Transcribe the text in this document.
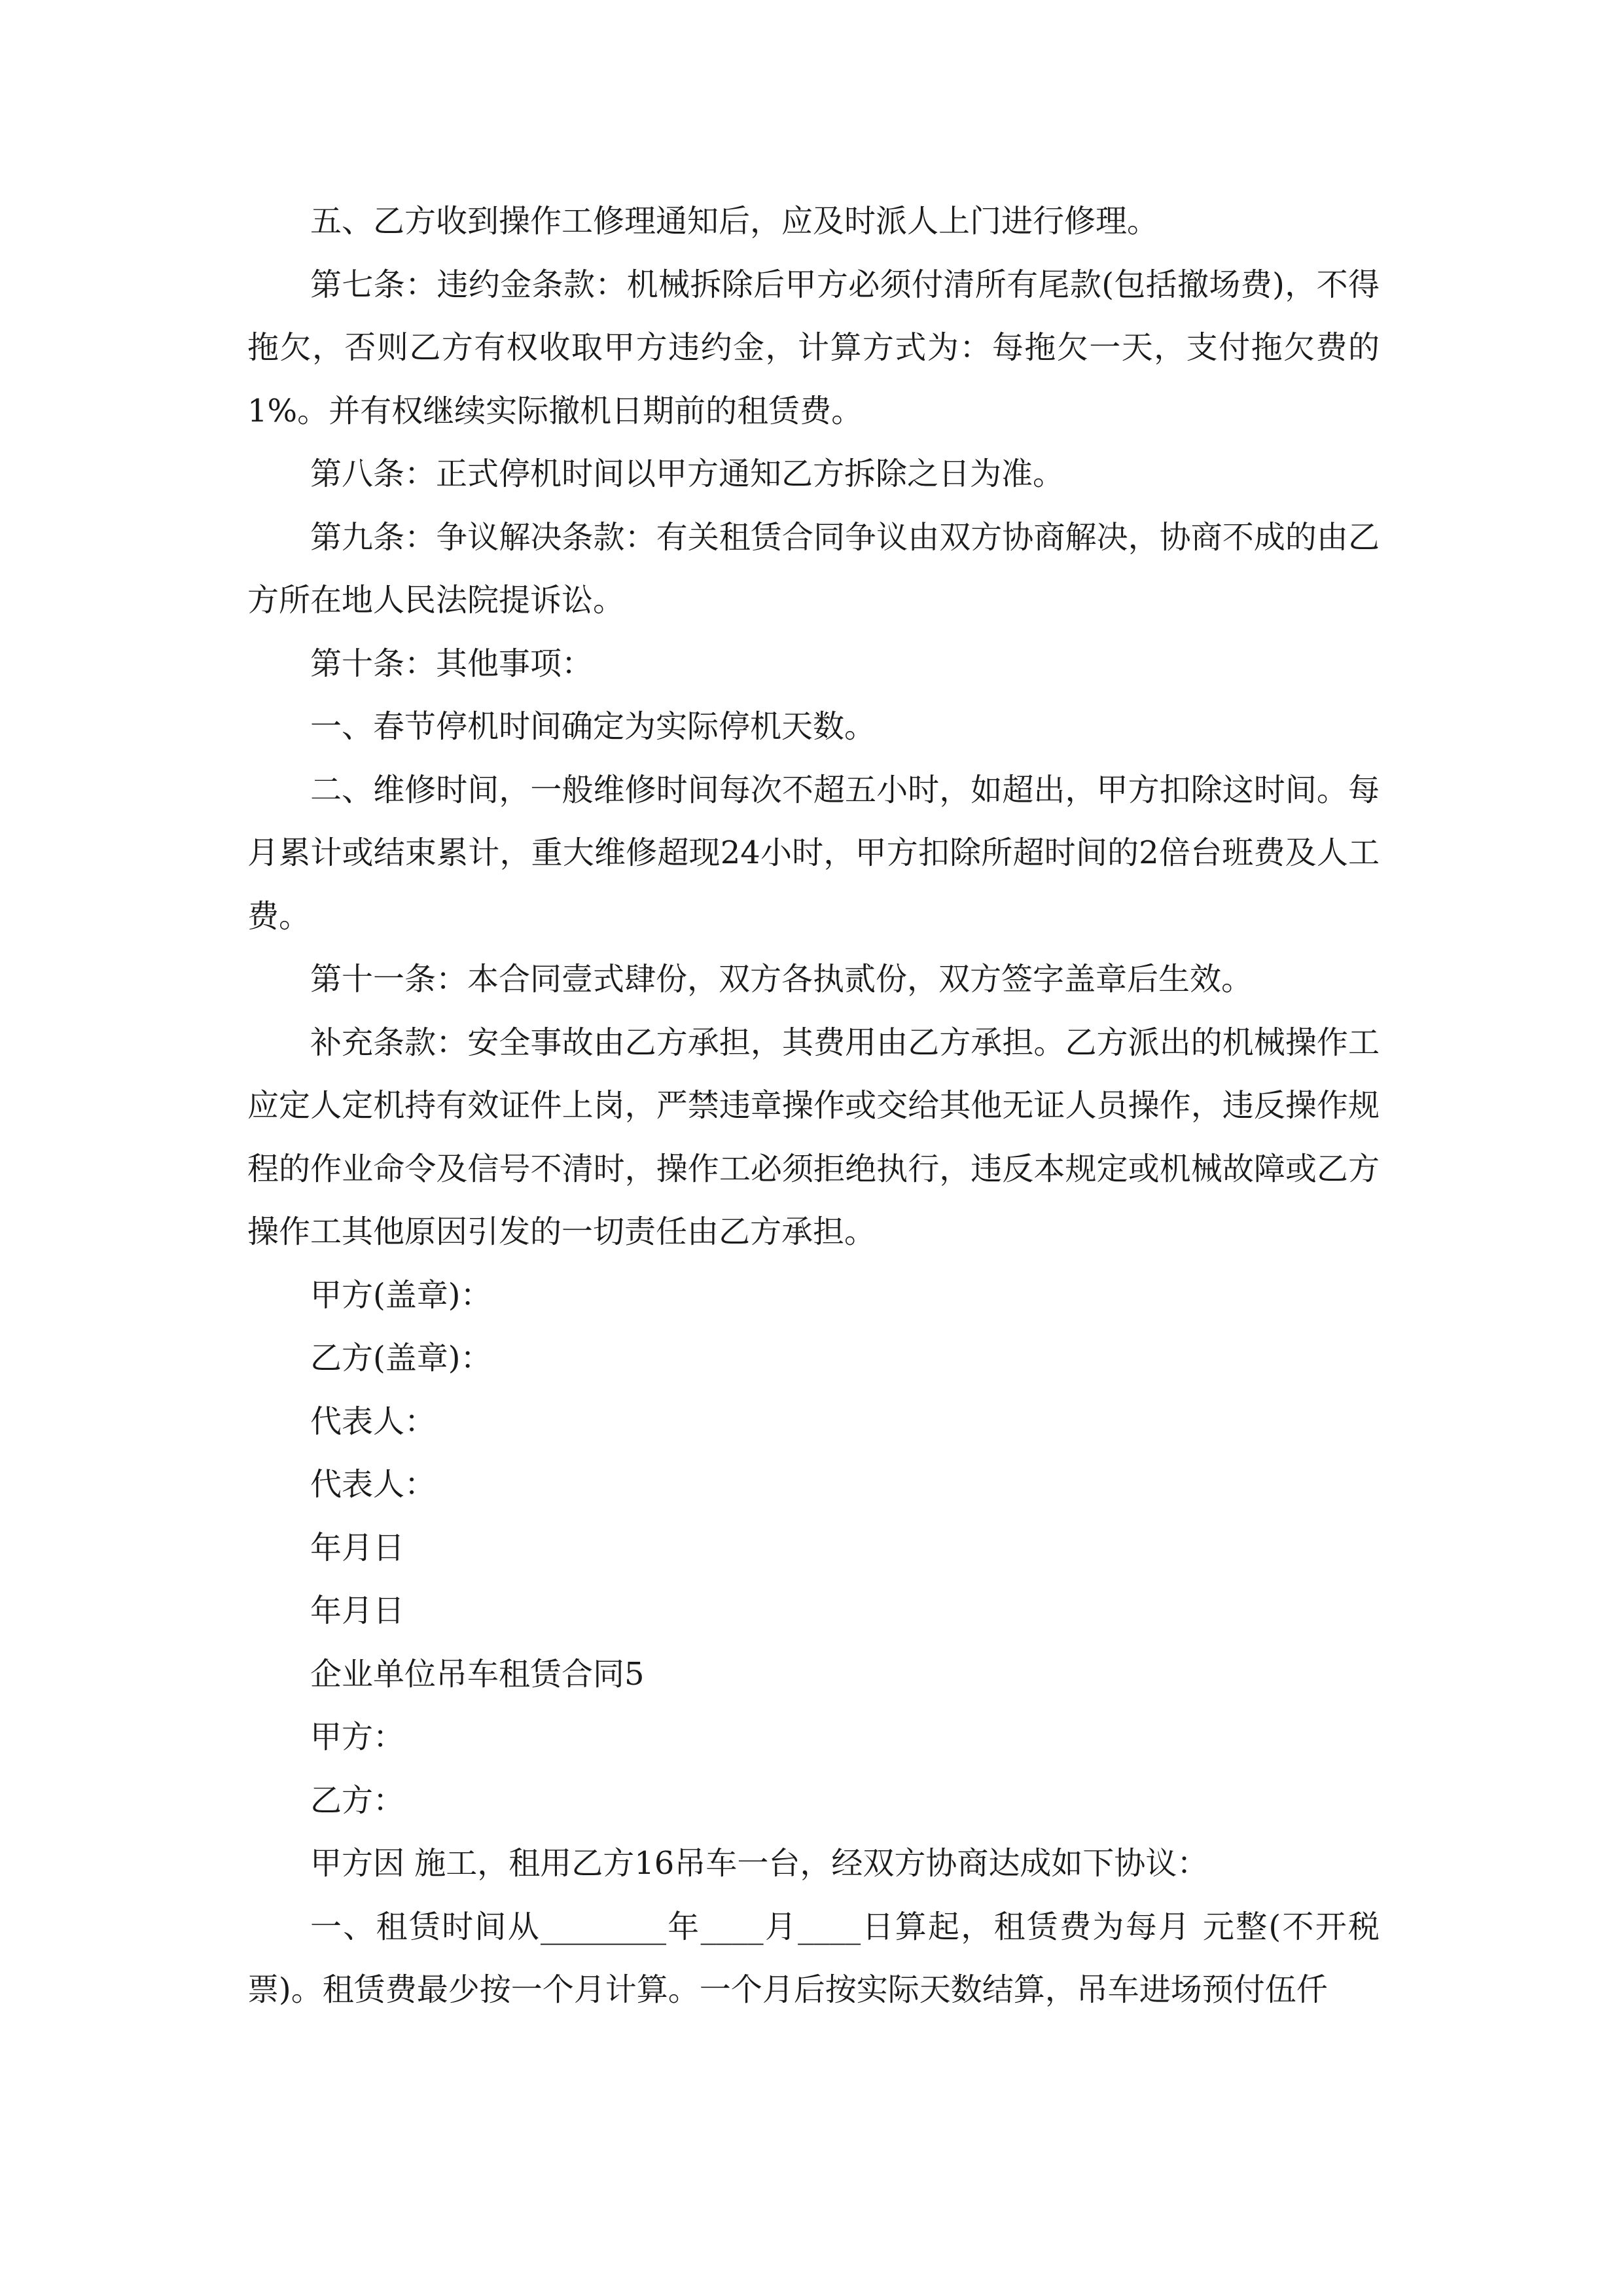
五、乙方收到操作工修理通知后，应及时派人上门进行修理。

第七条：违约金条款：机械拆除后甲方必须付清所有尾款(包括撤场费)，不得拖欠，否则乙方有权收取甲方违约金，计算方式为：每拖欠一天，支付拖欠费的1%。并有权继续实际撤机日期前的租赁费。

第八条：正式停机时间以甲方通知乙方拆除之日为准。

第九条：争议解决条款：有关租赁合同争议由双方协商解决，协商不成的由乙方所在地人民法院提诉讼。

第十条：其他事项：

一、春节停机时间确定为实际停机天数。

二、维修时间，一般维修时间每次不超五小时，如超出，甲方扣除这时间。每月累计或结束累计，重大维修超现24小时，甲方扣除所超时间的2倍台班费及人工费。

第十一条：本合同壹式肆份，双方各执贰份，双方签字盖章后生效。

补充条款：安全事故由乙方承担，其费用由乙方承担。乙方派出的机械操作工应定人定机持有效证件上岗，严禁违章操作或交给其他无证人员操作，违反操作规程的作业命令及信号不清时，操作工必须拒绝执行，违反本规定或机械故障或乙方操作工其他原因引发的一切责任由乙方承担。

甲方(盖章)：

乙方(盖章)：

代表人：

代表人：

年月日

年月日

企业单位吊车租赁合同5

甲方：

乙方：

甲方因 施工，租用乙方16吊车一台，经双方协商达成如下协议：

一、租赁时间从________年____月____日算起，租赁费为每月 元整(不开税票)。租赁费最少按一个月计算。一个月后按实际天数结算，吊车进场预付伍仟
